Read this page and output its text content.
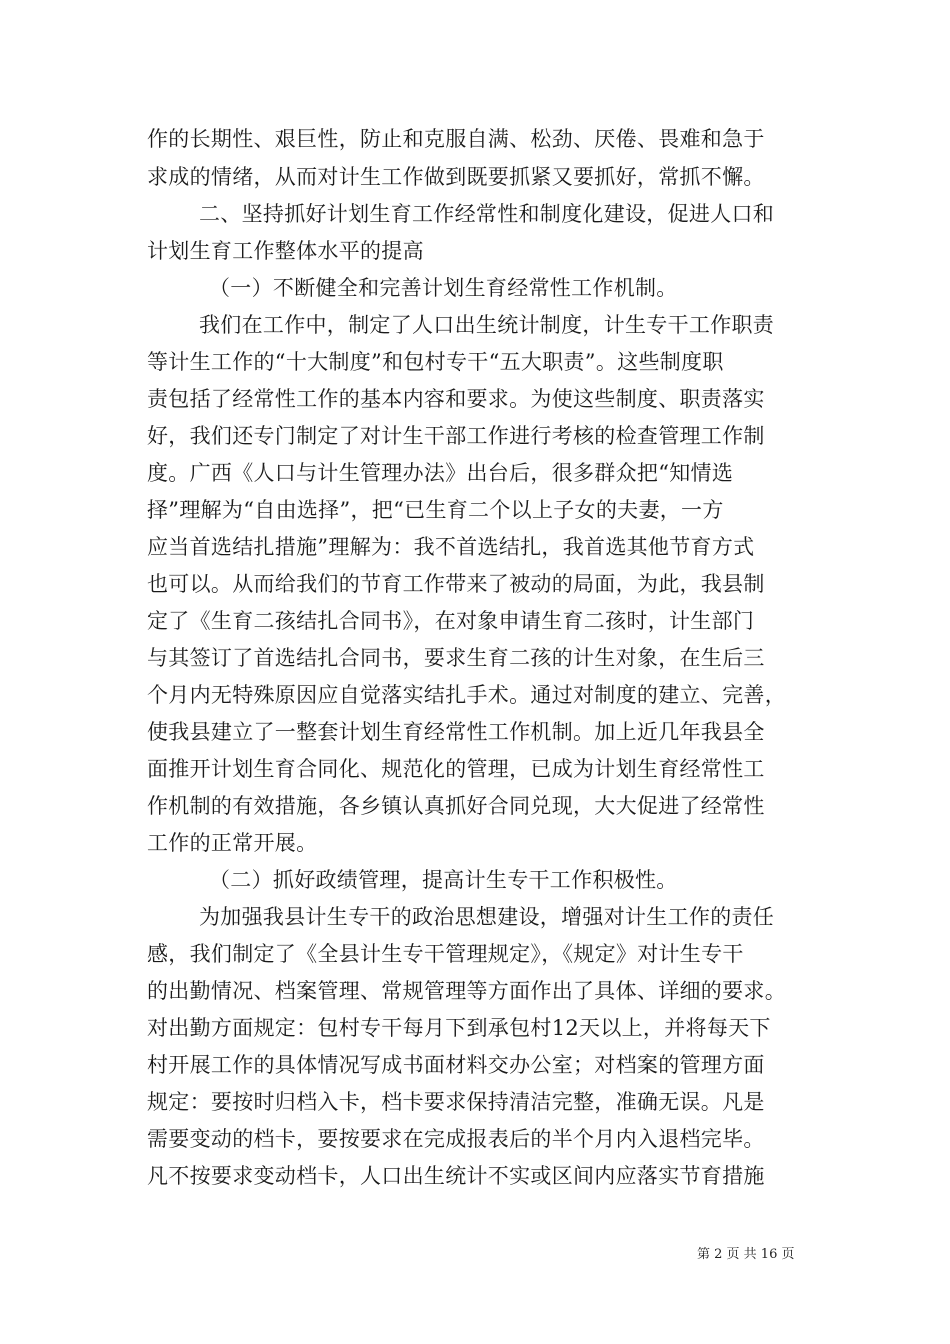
作的长期性、艰巨性，防止和克服自满、松劲、厌倦、畏难和急于
求成的情绪，从而对计生工作做到既要抓紧又要抓好，常抓不懈。
二、坚持抓好计划生育工作经常性和制度化建设，促进人口和
计划生育工作整体水平的提高
（一）不断健全和完善计划生育经常性工作机制。
我们在工作中，制定了人口出生统计制度，计生专干工作职责
等计生工作的“十大制度”和包村专干“五大职责”。这些制度职
责包括了经常性工作的基本内容和要求。为使这些制度、职责落实
好，我们还专门制定了对计生干部工作进行考核的检查管理工作制
度。广西《人口与计生管理办法》出台后，很多群众把“知情选
择”理解为“自由选择”，把“已生育二个以上子女的夫妻，一方
应当首选结扎措施”理解为：我不首选结扎，我首选其他节育方式
也可以。从而给我们的节育工作带来了被动的局面，为此，我县制
定了《生育二孩结扎合同书》，在对象申请生育二孩时，计生部门
与其签订了首选结扎合同书，要求生育二孩的计生对象，在生后三
个月内无特殊原因应自觉落实结扎手术。通过对制度的建立、完善，
使我县建立了一整套计划生育经常性工作机制。加上近几年我县全
面推开计划生育合同化、规范化的管理，已成为计划生育经常性工
作机制的有效措施，各乡镇认真抓好合同兑现，大大促进了经常性
工作的正常开展。
（二）抓好政绩管理，提高计生专干工作积极性。
为加强我县计生专干的政治思想建设，增强对计生工作的责任
感，我们制定了《全县计生专干管理规定》，《规定》对计生专干
的出勤情况、档案管理、常规管理等方面作出了具体、详细的要求。
对出勤方面规定：包村专干每月下到承包村12天以上，并将每天下
村开展工作的具体情况写成书面材料交办公室；对档案的管理方面
规定：要按时归档入卡，档卡要求保持清洁完整，准确无误。凡是
需要变动的档卡，要按要求在完成报表后的半个月内入退档完毕。
凡不按要求变动档卡，人口出生统计不实或区间内应落实节育措施
第 2 页 共 16 页
